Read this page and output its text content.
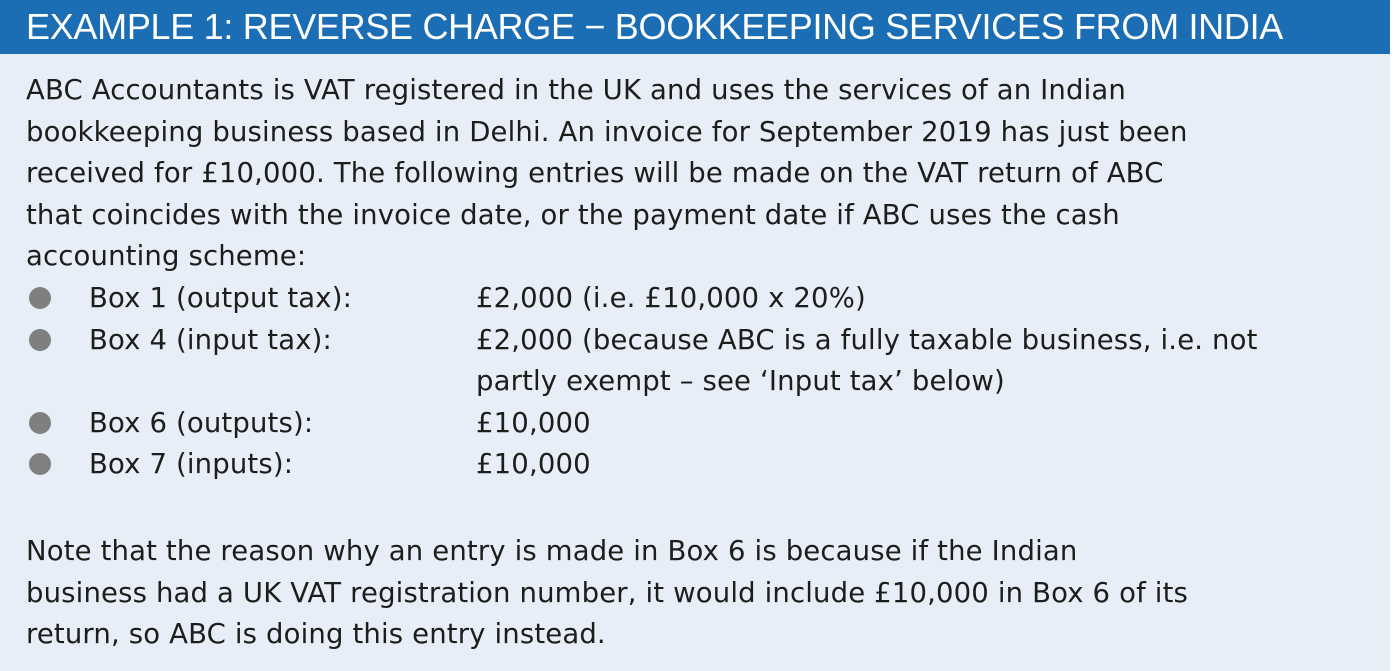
EXAMPLE 1: REVERSE CHARGE − BOOKKEEPING SERVICES FROM INDIA
ABC Accountants is VAT registered in the UK and uses the services of an Indian
bookkeeping business based in Delhi. An invoice for September 2019 has just been
received for £10,000. The following entries will be made on the VAT return of ABC
that coincides with the invoice date, or the payment date if ABC uses the cash
accounting scheme:
Box 1 (output tax):	£2,000 (i.e. £10,000 x 20%)
Box 4 (input tax):	£2,000 (because ABC is a fully taxable business, i.e. not
partly exempt – see ‘Input tax’ below)
Box 6 (outputs):	£10,000
Box 7 (inputs):	£10,000
Note that the reason why an entry is made in Box 6 is because if the Indian
business had a UK VAT registration number, it would include £10,000 in Box 6 of its
return, so ABC is doing this entry instead.
